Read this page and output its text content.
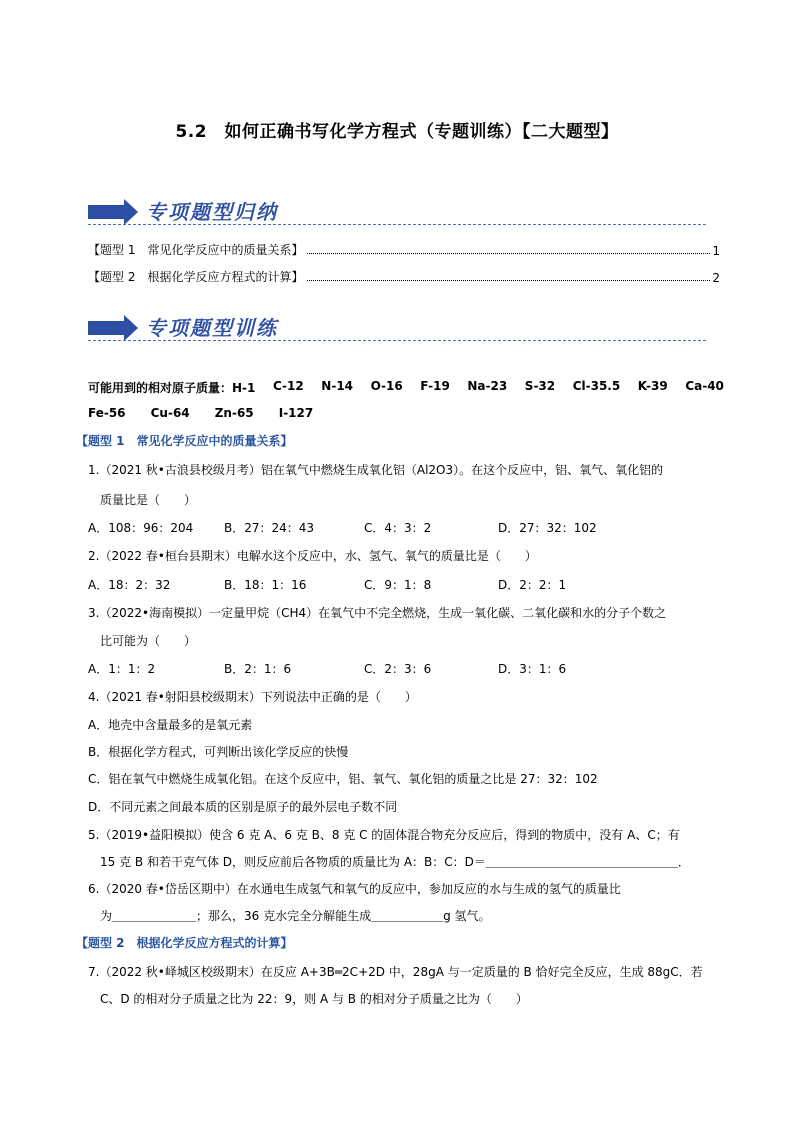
5.2　如何正确书写化学方程式（专题训练）【二大题型】
专项题型归纳
【题型 1　常见化学反应中的质量关系】	1
【题型 2　根据化学反应方程式的计算】	2
专项题型训练
可能用到的相对原子质量：H-1 C-12 N-14 O-16 F-19 Na-23 S-32 Cl-35.5 K-39 Ca-40
Fe-56 Cu-64 Zn-65 I-127
【题型 1　常见化学反应中的质量关系】
1.（2021 秋•古浪县校级月考）铝在氧气中燃烧生成氧化铝（Al2O3）。在这个反应中，铝、氧气、氧化铝的
质量比是（　　）
A．108：96：204	B．27：24：43	C．4：3：2	D．27：32：102
2.（2022 春•桓台县期末）电解水这个反应中，水、氢气、氧气的质量比是（　　）
A．18：2：32	B．18：1：16	C．9：1：8	D．2：2：1
3.（2022•海南模拟）一定量甲烷（CH4）在氧气中不完全燃烧，生成一氧化碳、二氧化碳和水的分子个数之
比可能为（　　）
A．1：1：2	B．2：1：6	C．2：3：6	D．3：1：6
4.（2021 春•射阳县校级期末）下列说法中正确的是（　　）
A．地壳中含量最多的是氧元素
B．根据化学方程式，可判断出该化学反应的快慢
C．铝在氧气中燃烧生成氧化铝。在这个反应中，铝、氧气、氧化铝的质量之比是 27：32：102
D．不同元素之间最本质的区别是原子的最外层电子数不同
5.（2019•益阳模拟）使含 6 克 A、6 克 B、8 克 C 的固体混合物充分反应后，得到的物质中，没有 A、C；有
15 克 B 和若干克气体 D，则反应前后各物质的质量比为 A：B：C：D＝＿＿＿＿＿＿＿＿＿＿＿＿＿＿＿＿．
6.（2020 春•岱岳区期中）在水通电生成氢气和氧气的反应中，参加反应的水与生成的氢气的质量比
为＿＿＿＿＿＿＿；那么，36 克水完全分解能生成＿＿＿＿＿＿g 氢气。
【题型 2　根据化学反应方程式的计算】
7.（2022 秋•峄城区校级期末）在反应 A+3B═2C+2D 中，28gA 与一定质量的 B 恰好完全反应，生成 88gC．若
C、D 的相对分子质量之比为 22：9，则 A 与 B 的相对分子质量之比为（　　）
